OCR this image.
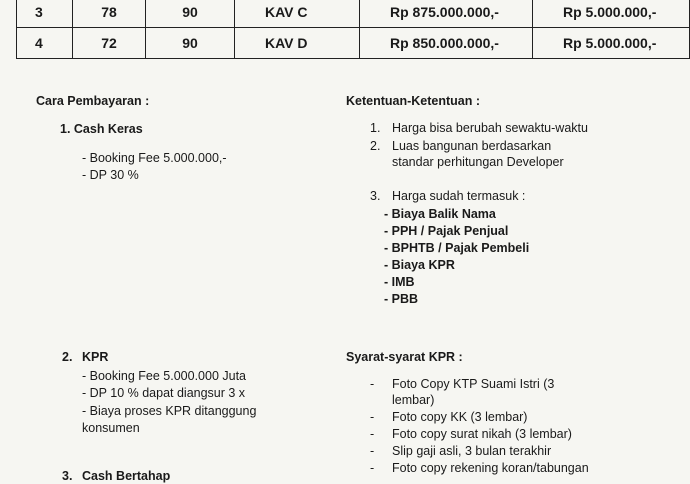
3	78	90	KAV C	Rp 875.000.000,-	Rp 5.000.000,-
4	72	90	KAV D	Rp 850.000.000,-	Rp 5.000.000,-
Cara Pembayaran :
1. Cash Keras
- Booking Fee 5.000.000,-
- DP 30 %
2. KPR
- Booking Fee 5.000.000 Juta
- DP 10 % dapat diangsur 3 x
- Biaya proses KPR ditanggung
konsumen
3. Cash Bertahap
Ketentuan-Ketentuan :
1. Harga bisa berubah sewaktu-waktu
2. Luas bangunan berdasarkan
standar perhitungan Developer
3. Harga sudah termasuk :
- Biaya Balik Nama
- PPH / Pajak Penjual
- BPHTB / Pajak Pembeli
- Biaya KPR
- IMB
- PBB
Syarat-syarat KPR :
- Foto Copy KTP Suami Istri (3
lembar)
- Foto copy KK (3 lembar)
- Foto copy surat nikah (3 lembar)
- Slip gaji asli, 3 bulan terakhir
- Foto copy rekening koran/tabungan
